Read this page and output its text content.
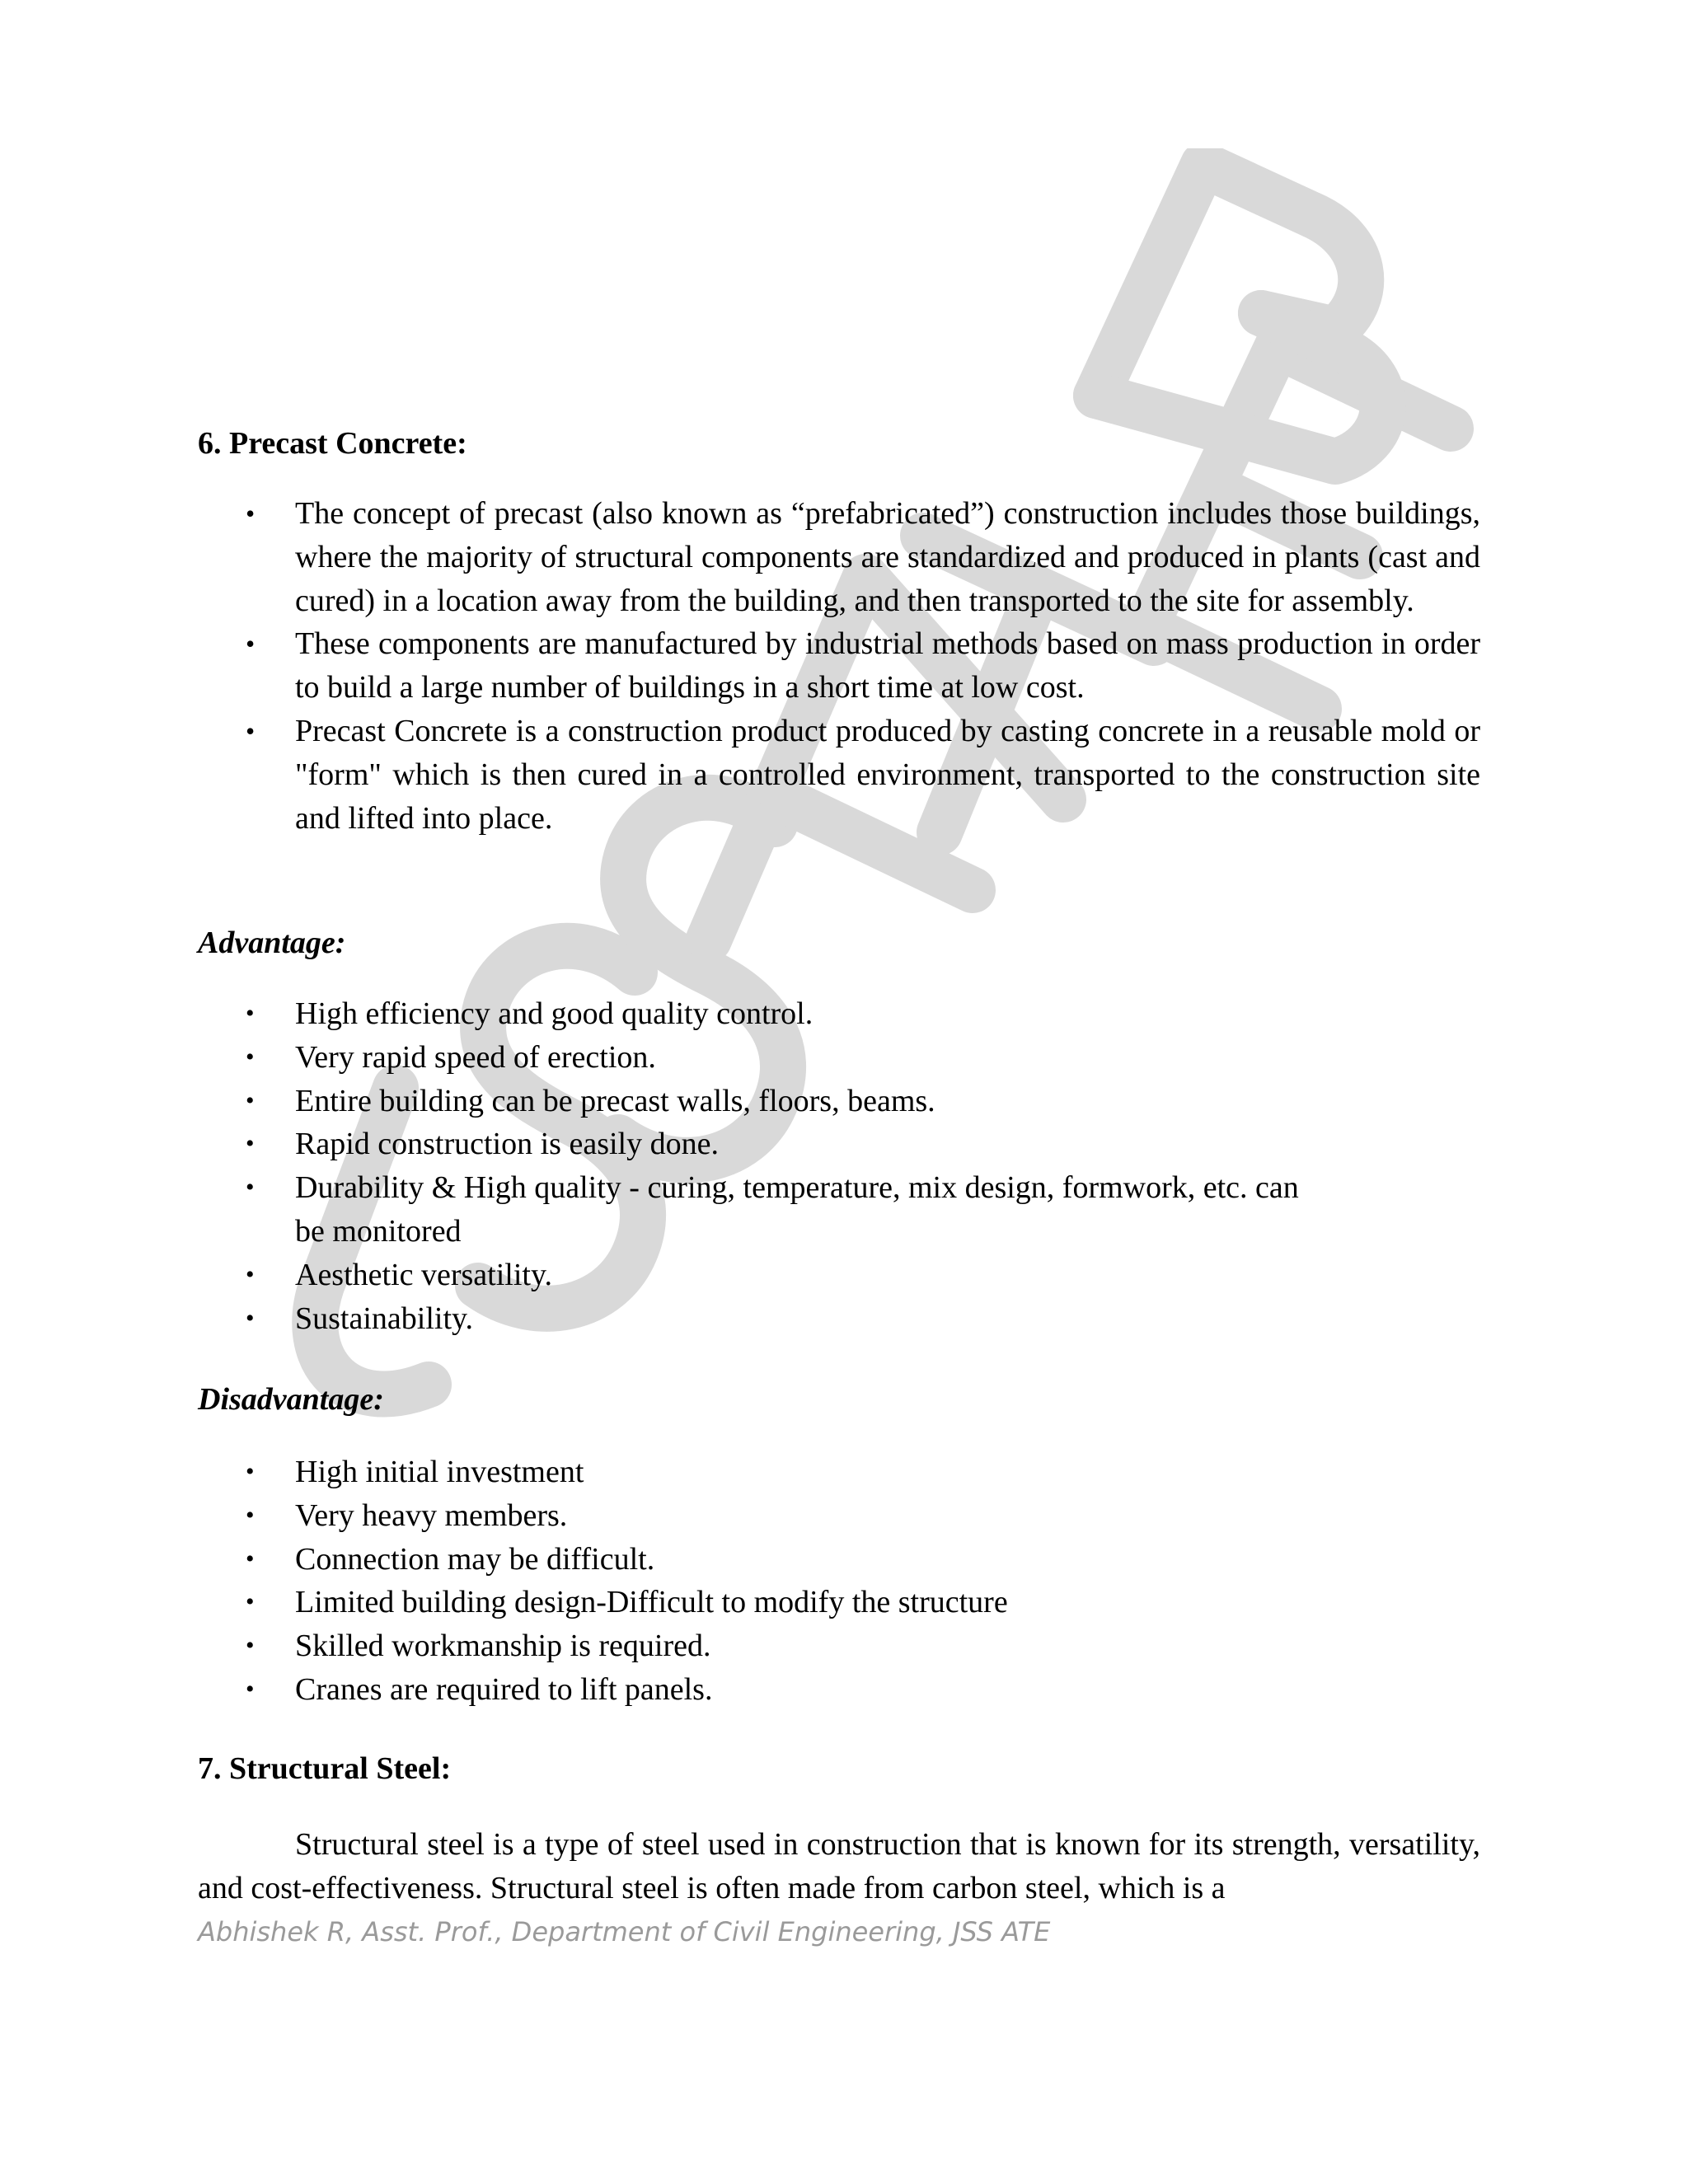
6. Precast Concrete:
• The concept of precast (also known as “prefabricated”) construction includes those buildings, where the majority of structural components are standardized and produced in plants (cast and cured) in a location away from the building, and then transported to the site for assembly.
• These components are manufactured by industrial methods based on mass production in order to build a large number of buildings in a short time at low cost.
• Precast Concrete is a construction product produced by casting concrete in a reusable mold or "form" which is then cured in a controlled environment, transported to the construction site and lifted into place.
Advantage:
• High efficiency and good quality control.
• Very rapid speed of erection.
• Entire building can be precast walls, floors, beams.
• Rapid construction is easily done.
• Durability & High quality - curing, temperature, mix design, formwork, etc. can be monitored
• Aesthetic versatility.
• Sustainability.
Disadvantage:
• High initial investment
• Very heavy members.
• Connection may be difficult.
• Limited building design-Difficult to modify the structure
• Skilled workmanship is required.
• Cranes are required to lift panels.
7. Structural Steel:

Structural steel is a type of steel used in construction that is known for its strength, versatility, and cost-effectiveness. Structural steel is often made from carbon steel, which is a

Abhishek R, Asst. Prof., Department of Civil Engineering, JSS ATE
